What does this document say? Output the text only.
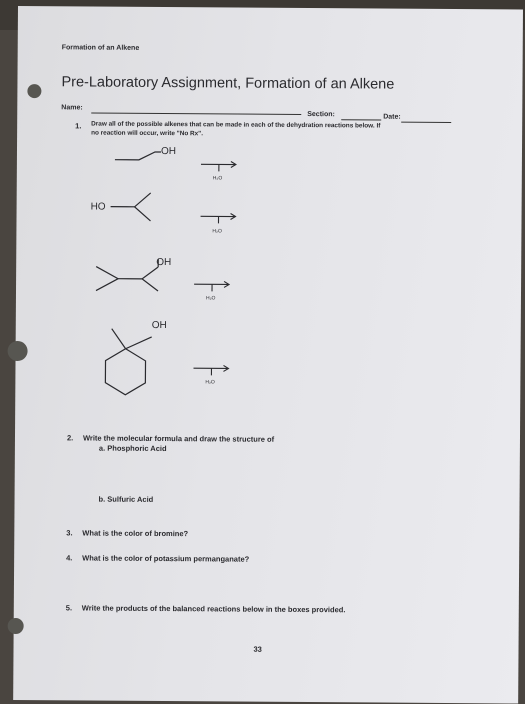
Formation of an Alkene
Pre-Laboratory Assignment, Formation of an Alkene
Name:
Section:	Date:
1. Draw all of the possible alkenes that can be made in each of the dehydration reactions below. If
no reaction will occur, write "No Rx".
OH
H₂O
HO
H₂O
OH
H₂O
OH
H₂O
2. Write the molecular formula and draw the structure of
a. Phosphoric Acid
b. Sulfuric Acid
3. What is the color of bromine?
4. What is the color of potassium permanganate?
5. Write the products of the balanced reactions below in the boxes provided.
33
